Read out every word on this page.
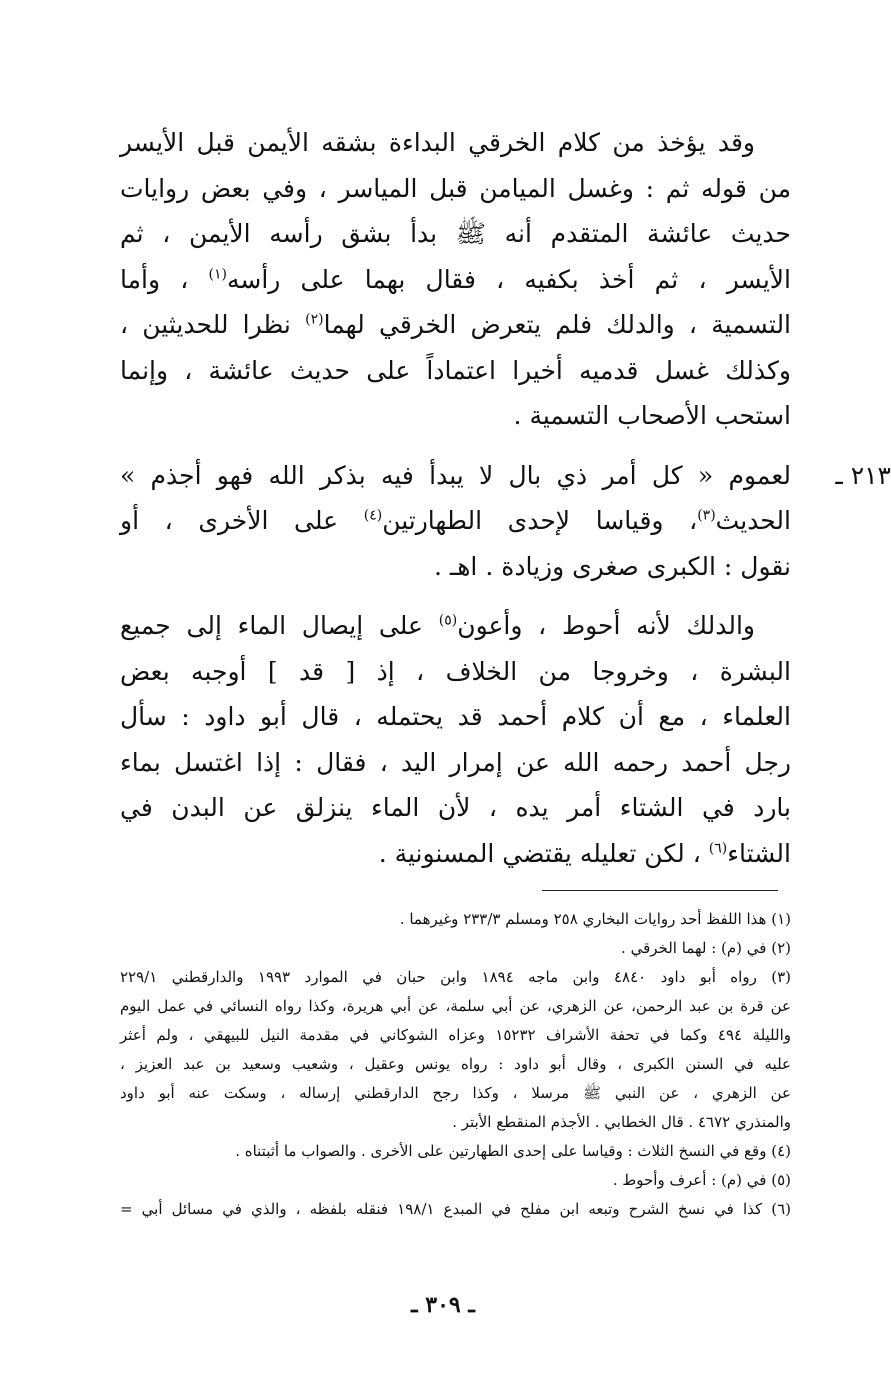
وقد يؤخذ من كلام الخرقي البداءة بشقه الأيمن قبل الأيسر
من قوله ثم : وغسل الميامن قبل المياسر ، وفي بعض روايات
حديث عائشة المتقدم أنه ﷺ بدأ بشق رأسه الأيمن ، ثم
الأيسر ، ثم أخذ بكفيه ، فقال بهما على رأسه$^{(١)}$ ، وأما
التسمية ، والدلك فلم يتعرض الخرقي لهما$^{(٢)}$ نظرا للحديثين ،
وكذلك غسل قدميه أخيرا اعتماداً على حديث عائشة ، وإنما
استحب الأصحاب التسمية .
٢١٣ ـ
لعموم « كل أمر ذي بال لا يبدأ فيه بذكر الله فهو أجذم »
الحديث$^{(٣)}$، وقياسا لإحدى الطهارتين$^{(٤)}$ على الأخرى ، أو
نقول : الكبرى صغرى وزيادة . اهـ .
والدلك لأنه أحوط ، وأعون$^{(٥)}$ على إيصال الماء إلى جميع
البشرة ، وخروجا من الخلاف ، إذ [ قد ] أوجبه بعض
العلماء ، مع أن كلام أحمد قد يحتمله ، قال أبو داود : سأل
رجل أحمد رحمه الله عن إمرار اليد ، فقال : إذا اغتسل بماء
بارد في الشتاء أمر يده ، لأن الماء ينزلق عن البدن في
الشتاء$^{(٦)}$ ، لكن تعليله يقتضي المسنونية .
(١) هذا اللفظ أحد روايات البخاري ٢٥٨ ومسلم ٢٣٣/٣ وغيرهما .
(٢) في (م) : لهما الخرقي .
(٣) رواه أبو داود ٤٨٤٠ وابن ماجه ١٨٩٤ وابن حبان في الموارد ١٩٩٣ والدارقطني ٢٢٩/١
عن قرة بن عبد الرحمن، عن الزهري، عن أبي سلمة، عن أبي هريرة، وكذا رواه النسائي في عمل اليوم
والليلة ٤٩٤ وكما في تحفة الأشراف ١٥٢٣٢ وعزاه الشوكاني في مقدمة النيل للبيهقي ، ولم أعثر
عليه في السنن الكبرى ، وقال أبو داود : رواه يونس وعقيل ، وشعيب وسعيد بن عبد العزيز ،
عن الزهري ، عن النبي ﷺ مرسلا ، وكذا رجح الدارقطني إرساله ، وسكت عنه أبو داود
والمنذري ٤٦٧٢ . قال الخطابي . الأجذم المنقطع الأبتر .
(٤) وقع في النسخ الثلاث : وقياسا على إحدى الطهارتين على الأخرى . والصواب ما أثبتناه .
(٥) في (م) : أعرف وأحوط .
(٦) كذا في نسخ الشرح وتبعه ابن مفلح في المبدع ١٩٨/١ فنقله بلفظه ، والذي في مسائل أبي =
ـ ٣٠٩ ـ
